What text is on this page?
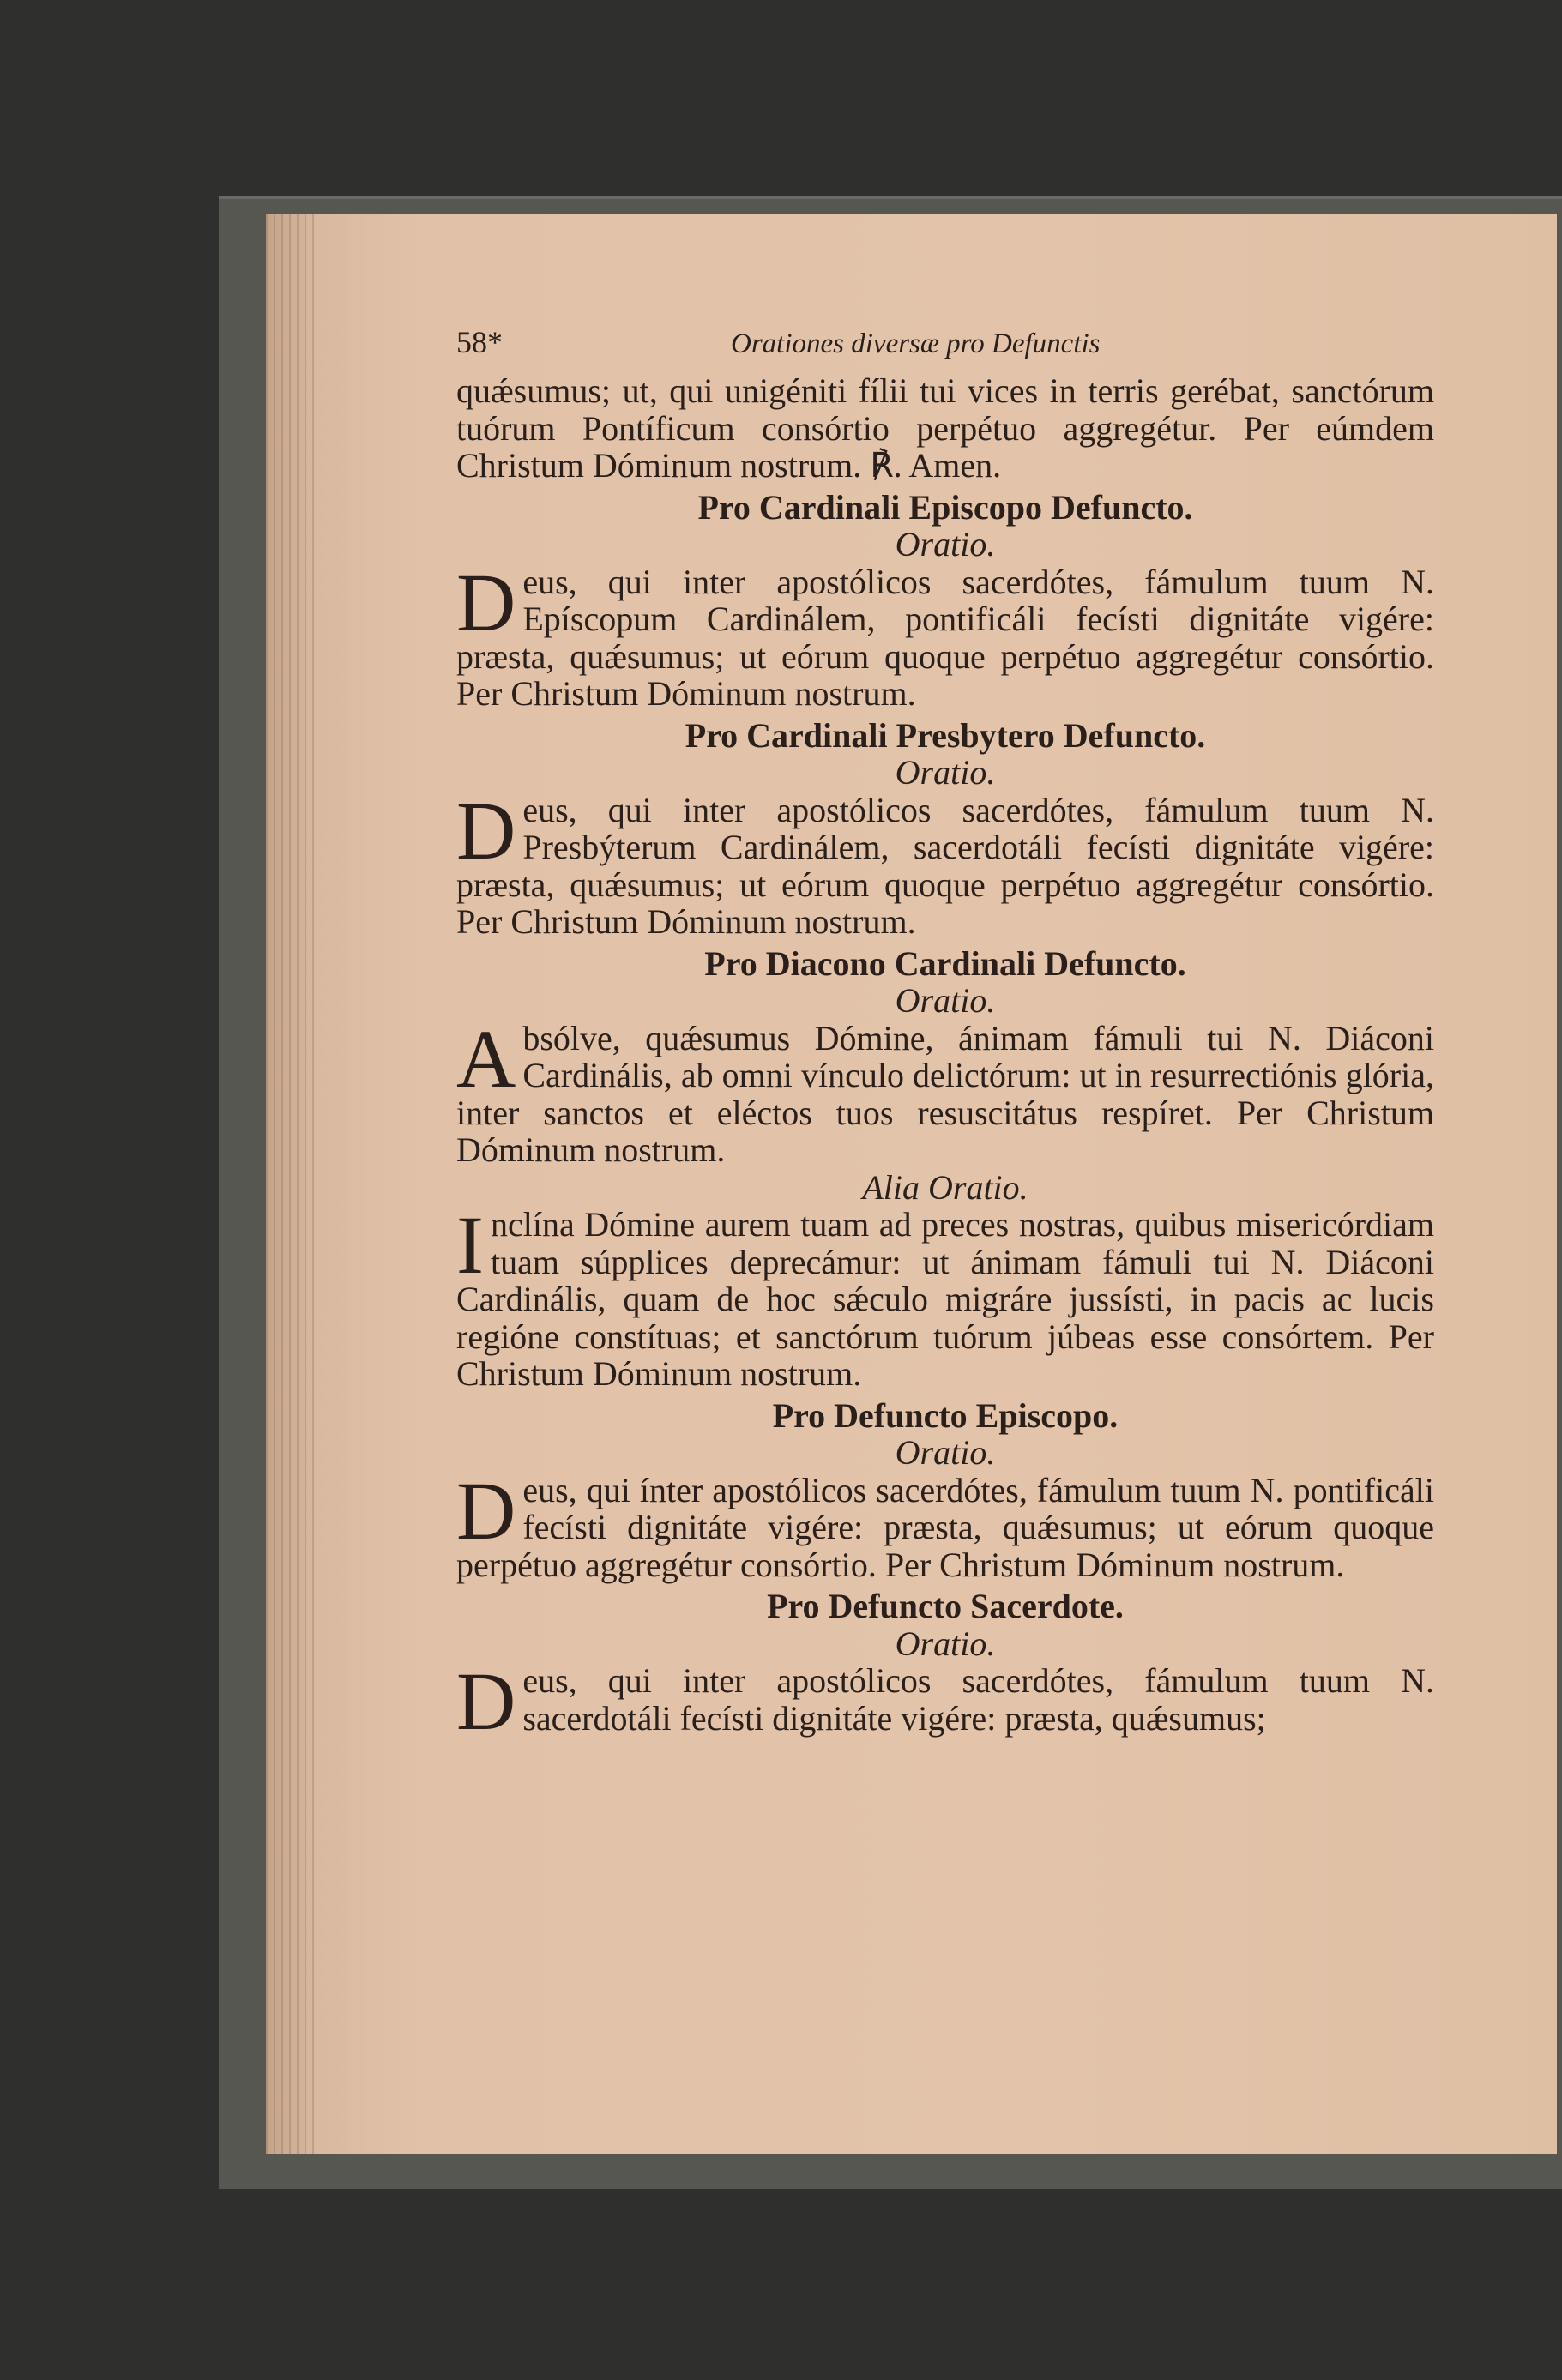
58*	Orationes diversæ pro Defunctis

quǽsumus; ut, qui unigéniti fílii tui vices in terris gerébat, sanctórum tuórum Pontíficum consórtio perpétuo aggregétur. Per eúmdem Christum Dóminum nostrum. ℟. Amen.

Pro Cardinali Episcopo Defuncto.
Oratio.

Deus, qui inter apostólicos sacerdótes, fámulum tuum N. Epíscopum Cardinálem, pontificáli fecísti dignitáte vigére: præsta, quǽsumus; ut eórum quoque perpétuo aggregétur consórtio. Per Christum Dóminum nostrum.

Pro Cardinali Presbytero Defuncto.
Oratio.

Deus, qui inter apostólicos sacerdótes, fámulum tuum N. Presbýterum Cardinálem, sacerdotáli fecísti dignitáte vigére: præsta, quǽsumus; ut eórum quoque perpétuo aggregétur consórtio. Per Christum Dóminum nostrum.

Pro Diacono Cardinali Defuncto.
Oratio.

Absólve, quǽsumus Dómine, ánimam fámuli tui N. Diáconi Cardinális, ab omni vínculo delictórum: ut in resurrectiónis glória, inter sanctos et eléctos tuos resuscitátus respíret. Per Christum Dóminum nostrum.

Alia Oratio.

Inclína Dómine aurem tuam ad preces nostras, quibus misericórdiam tuam súpplices deprecámur: ut ánimam fámuli tui N. Diáconi Cardinális, quam de hoc sǽculo migráre jussísti, in pacis ac lucis regióne constítuas; et sanctórum tuórum júbeas esse consórtem. Per Christum Dóminum nostrum.

Pro Defuncto Episcopo.
Oratio.

Deus, qui ínter apostólicos sacerdótes, fámulum tuum N. pontificáli fecísti dignitáte vigére: præsta, quǽsumus; ut eórum quoque perpétuo aggregétur consórtio. Per Christum Dóminum nostrum.

Pro Defuncto Sacerdote.
Oratio.

Deus, qui inter apostólicos sacerdótes, fámulum tuum N. sacerdotáli fecísti dignitáte vigére: præsta, quǽsumus;
